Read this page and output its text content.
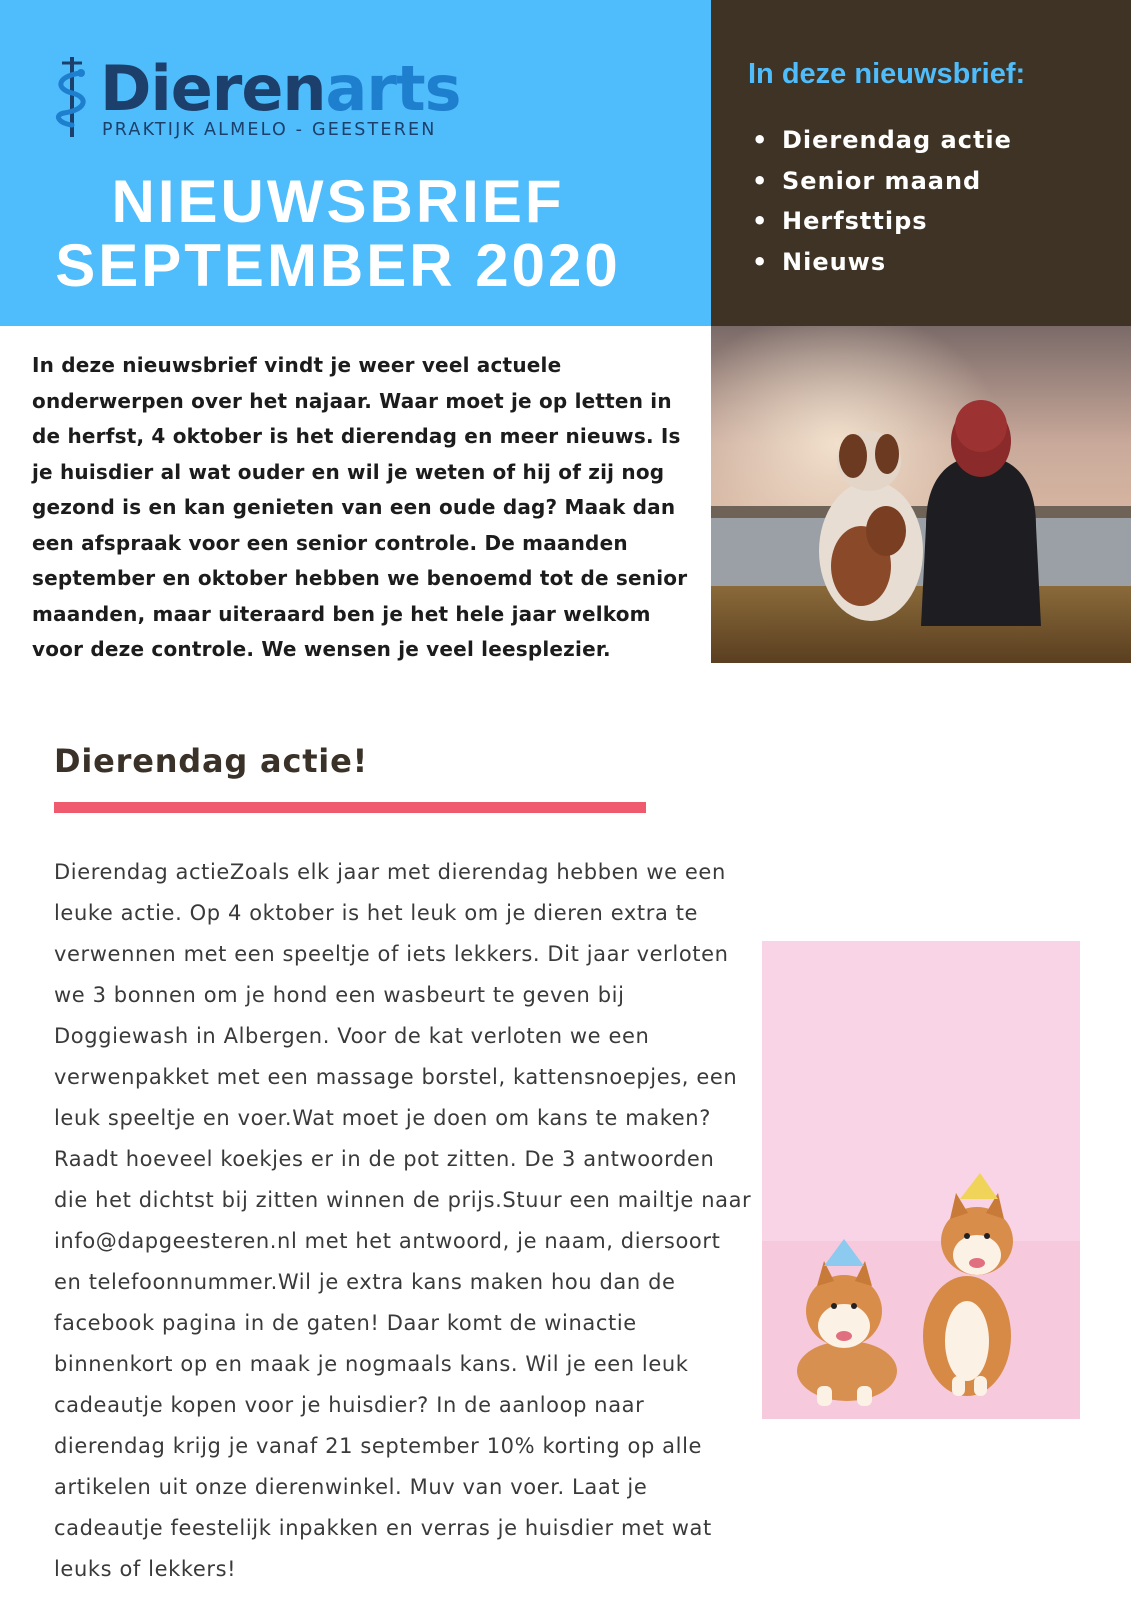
Dierenarts
PRAKTIJK ALMELO - GEESTEREN
NIEUWSBRIEF
SEPTEMBER 2020
In deze nieuwsbrief:
• Dierendag actie
• Senior maand
• Herfsttips
• Nieuws

In deze nieuwsbrief vindt je weer veel actuele onderwerpen over het najaar. Waar moet je op letten in de herfst, 4 oktober is het dierendag en meer nieuws. Is je huisdier al wat ouder en wil je weten of hij of zij nog gezond is en kan genieten van een oude dag? Maak dan een afspraak voor een senior controle. De maanden september en oktober hebben we benoemd tot de senior maanden, maar uiteraard ben je het hele jaar welkom voor deze controle. We wensen je veel leesplezier.

Dierendag actie!

Dierendag actieZoals elk jaar met dierendag hebben we een leuke actie. Op 4 oktober is het leuk om je dieren extra te verwennen met een speeltje of iets lekkers. Dit jaar verloten we 3 bonnen om je hond een wasbeurt te geven bij Doggiewash in Albergen. Voor de kat verloten we een verwenpakket met een massage borstel, kattensnoepjes, een leuk speeltje en voer.Wat moet je doen om kans te maken? Raadt hoeveel koekjes er in de pot zitten. De 3 antwoorden die het dichtst bij zitten winnen de prijs.Stuur een mailtje naar info@dapgeesteren.nl met het antwoord, je naam, diersoort en telefoonnummer.Wil je extra kans maken hou dan de facebook pagina in de gaten! Daar komt de winactie binnenkort op en maak je nogmaals kans. Wil je een leuk cadeautje kopen voor je huisdier? In de aanloop naar dierendag krijg je vanaf 21 september 10% korting op alle artikelen uit onze dierenwinkel. Muv van voer. Laat je cadeautje feestelijk inpakken en verras je huisdier met wat leuks of lekkers!
